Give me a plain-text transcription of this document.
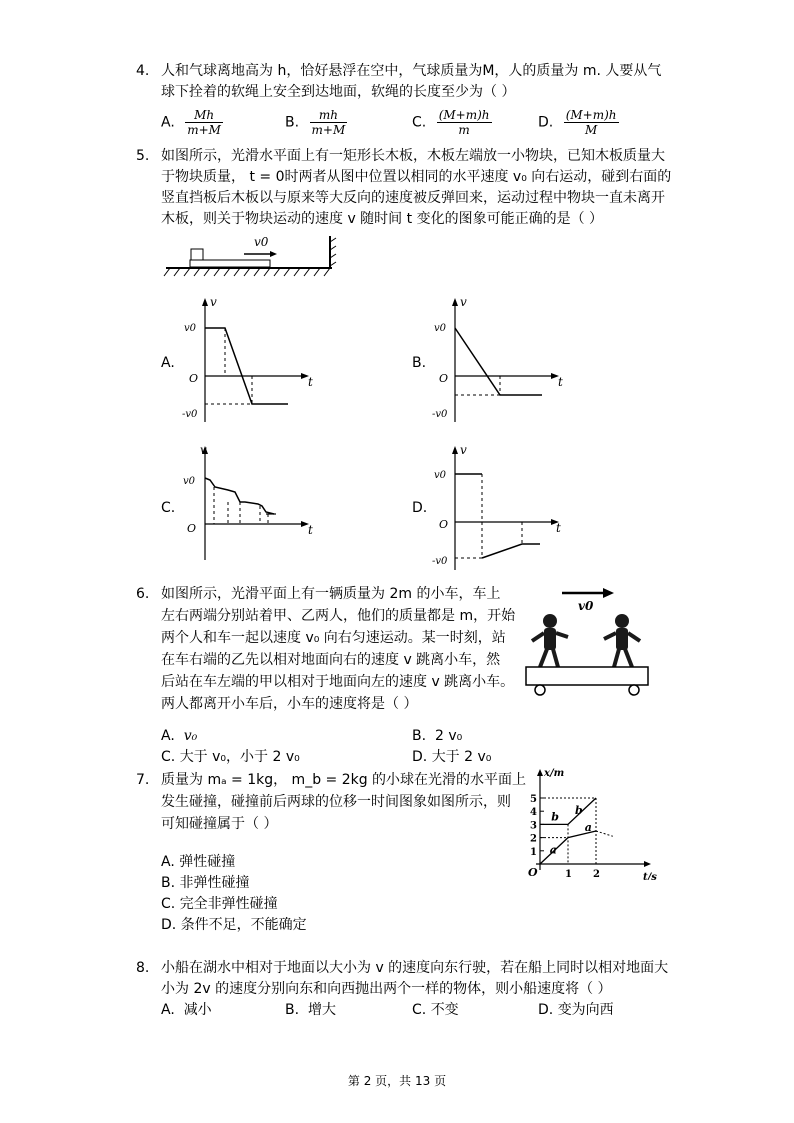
4. 人和气球离地高为 h，恰好悬浮在空中，气球质量为M，人的质量为 m. 人要从气
球下拴着的软绳上安全到达地面，软绳的长度至少为（ ）
A. $\frac{Mh}{m+M}$	B. $\frac{mh}{m+M}$	C. $\frac{(M+m)h}{m}$	D. $\frac{(M+m)h}{M}$
5. 如图所示，光滑水平面上有一矩形长木板，木板左端放一小物块，已知木板质量大
于物块质量， t = 0时两者从图中位置以相同的水平速度 v₀ 向右运动，碰到右面的
竖直挡板后木板以与原来等大反向的速度被反弹回来，运动过程中物块一直未离开
木板，则关于物块运动的速度 v 随时间 t 变化的图象可能正确的是（ ）
v0
A.
v
t
O
v0
-v0
B.
v
t
O
v0
-v0
C.
v
t
O
v0
D.
v
t
O
v0
-v0
6. 如图所示，光滑平面上有一辆质量为 2m 的小车，车上
左右两端分别站着甲、乙两人，他们的质量都是 m，开始
两个人和车一起以速度 v₀ 向右匀速运动。某一时刻，站
在车右端的乙先以相对地面向右的速度 v 跳离小车，然
后站在车左端的甲以相对于地面向左的速度 v 跳离小车。
两人都离开小车后，小车的速度将是（ ）
v0
A. v₀	B. 2 v₀
C. 大于 v₀，小于 2 v₀	D. 大于 2 v₀
7. 质量为 mₐ = 1kg， m_b = 2kg 的小球在光滑的水平面上
发生碰撞，碰撞前后两球的位移一时间图象如图所示，则
可知碰撞属于（ ）
x/m
t/s
O
1
2
3
4
5
1 2
a
b
b
a
A. 弹性碰撞
B. 非弹性碰撞
C. 完全非弹性碰撞
D. 条件不足，不能确定
8. 小船在湖水中相对于地面以大小为 v 的速度向东行驶，若在船上同时以相对地面大
小为 2v 的速度分别向东和向西抛出两个一样的物体，则小船速度将（ ）
A. 减小	B. 增大	C. 不变	D. 变为向西
第 2 页，共 13 页
